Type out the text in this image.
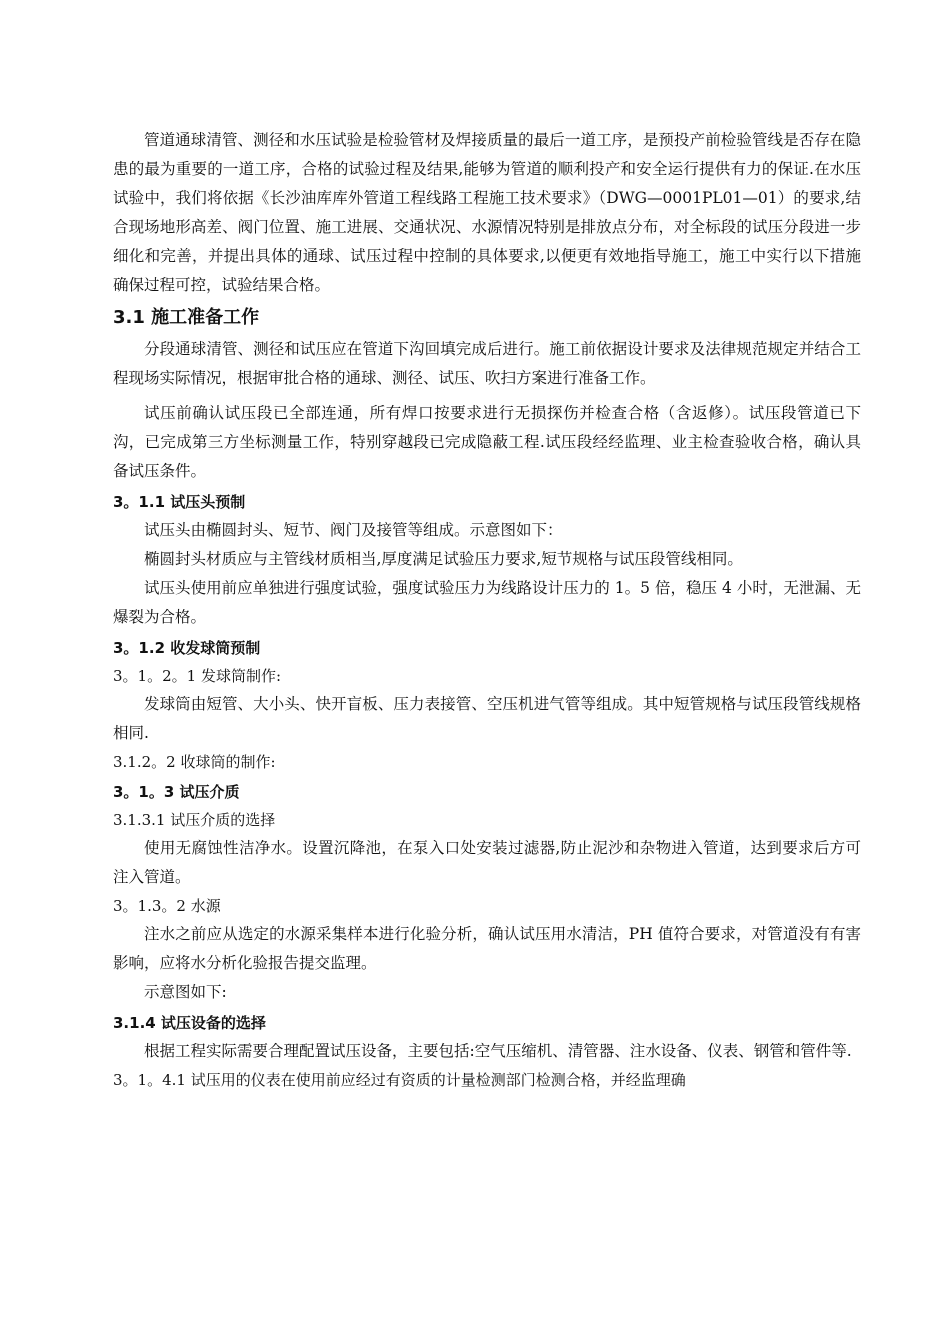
管道通球清管、测径和水压试验是检验管材及焊接质量的最后一道工序，是预投产前检验管线是否存在隐患的最为重要的一道工序，合格的试验过程及结果,能够为管道的顺利投产和安全运行提供有力的保证.在水压试验中，我们将依据《长沙油库库外管道工程线路工程施工技术要求》（DWG—0001PL01—01）的要求,结合现场地形高差、阀门位置、施工进展、交通状况、水源情况特别是排放点分布，对全标段的试压分段进一步细化和完善，并提出具体的通球、试压过程中控制的具体要求,以便更有效地指导施工，施工中实行以下措施确保过程可控，试验结果合格。

3.1 施工准备工作

分段通球清管、测径和试压应在管道下沟回填完成后进行。施工前依据设计要求及法律规范规定并结合工程现场实际情况，根据审批合格的通球、测径、试压、吹扫方案进行准备工作。

试压前确认试压段已全部连通，所有焊口按要求进行无损探伤并检查合格（含返修）。试压段管道已下沟，已完成第三方坐标测量工作，特别穿越段已完成隐蔽工程.试压段经经监理、业主检查验收合格，确认具备试压条件。

3。1.1 试压头预制

试压头由椭圆封头、短节、阀门及接管等组成。示意图如下：

椭圆封头材质应与主管线材质相当,厚度满足试验压力要求,短节规格与试压段管线相同。

试压头使用前应单独进行强度试验，强度试验压力为线路设计压力的 1。5 倍，稳压 4 小时，无泄漏、无爆裂为合格。

3。1.2 收发球筒预制

3。1。2。1 发球筒制作:

发球筒由短管、大小头、快开盲板、压力表接管、空压机进气管等组成。其中短管规格与试压段管线规格相同.

3.1.2。2 收球筒的制作:

3。1。3 试压介质

3.1.3.1 试压介质的选择

使用无腐蚀性洁净水。设置沉降池，在泵入口处安装过滤器,防止泥沙和杂物进入管道，达到要求后方可注入管道。

3。1.3。2 水源

注水之前应从选定的水源采集样本进行化验分析，确认试压用水清洁，PH 值符合要求，对管道没有有害影响，应将水分析化验报告提交监理。

示意图如下:

3.1.4 试压设备的选择

根据工程实际需要合理配置试压设备，主要包括:空气压缩机、清管器、注水设备、仪表、钢管和管件等.

3。1。4.1 试压用的仪表在使用前应经过有资质的计量检测部门检测合格，并经监理确
